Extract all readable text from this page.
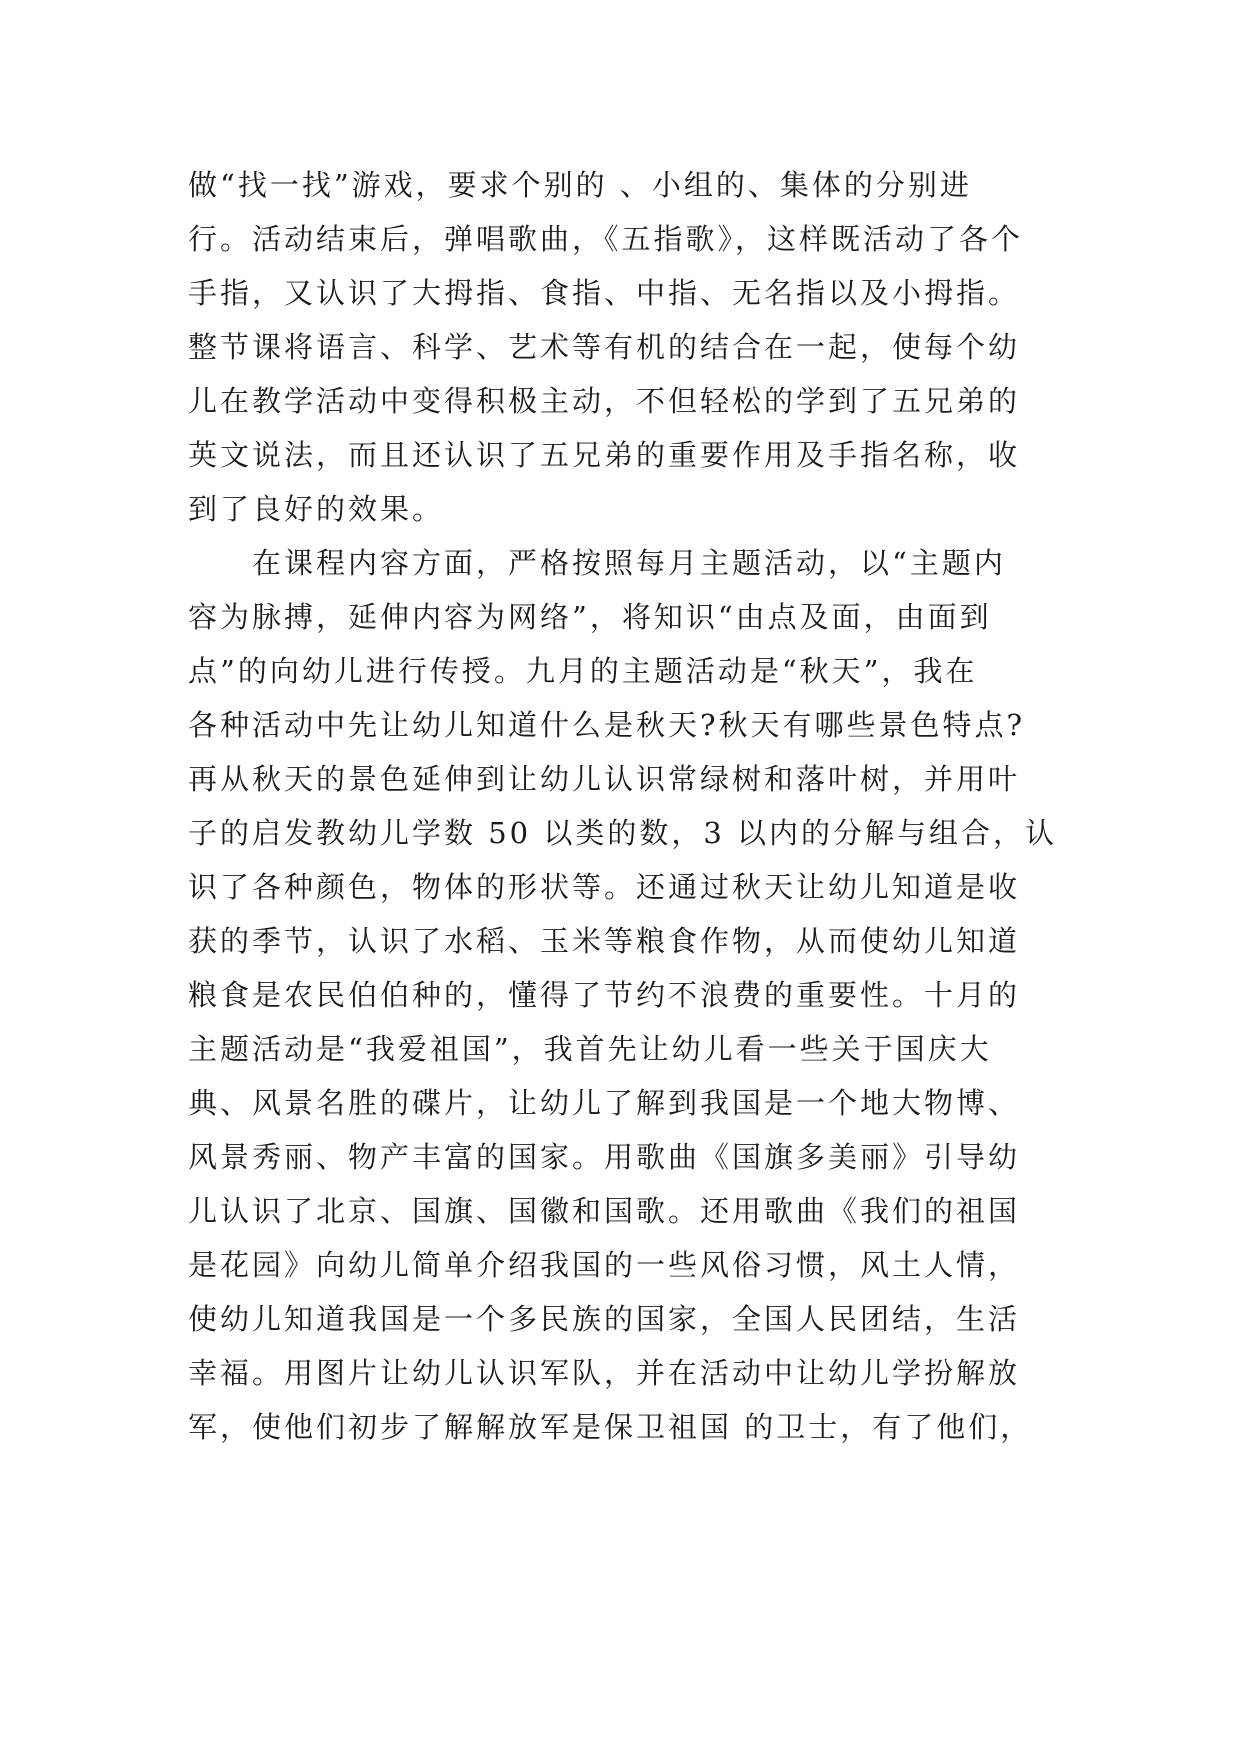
做“找一找”游戏，要求个别的 、小组的、集体的分别进
行。活动结束后，弹唱歌曲，《五指歌》，这样既活动了各个
手指，又认识了大拇指、食指、中指、无名指以及小拇指。
整节课将语言、科学、艺术等有机的结合在一起，使每个幼
儿在教学活动中变得积极主动，不但轻松的学到了五兄弟的
英文说法，而且还认识了五兄弟的重要作用及手指名称，收
到了良好的效果。

在课程内容方面，严格按照每月主题活动，以“主题内
容为脉搏，延伸内容为网络”，将知识“由点及面，由面到
点”的向幼儿进行传授。九月的主题活动是“秋天”，我在
各种活动中先让幼儿知道什么是秋天?秋天有哪些景色特点?
再从秋天的景色延伸到让幼儿认识常绿树和落叶树，并用叶
子的启发教幼儿学数 50 以类的数，3 以内的分解与组合，认
识了各种颜色，物体的形状等。还通过秋天让幼儿知道是收
获的季节，认识了水稻、玉米等粮食作物，从而使幼儿知道
粮食是农民伯伯种的，懂得了节约不浪费的重要性。十月的
主题活动是“我爱祖国”，我首先让幼儿看一些关于国庆大
典、风景名胜的碟片，让幼儿了解到我国是一个地大物博、
风景秀丽、物产丰富的国家。用歌曲《国旗多美丽》引导幼
儿认识了北京、国旗、国徽和国歌。还用歌曲《我们的祖国
是花园》向幼儿简单介绍我国的一些风俗习惯，风土人情，
使幼儿知道我国是一个多民族的国家，全国人民团结，生活
幸福。用图片让幼儿认识军队，并在活动中让幼儿学扮解放
军，使他们初步了解解放军是保卫祖国 的卫士，有了他们，
